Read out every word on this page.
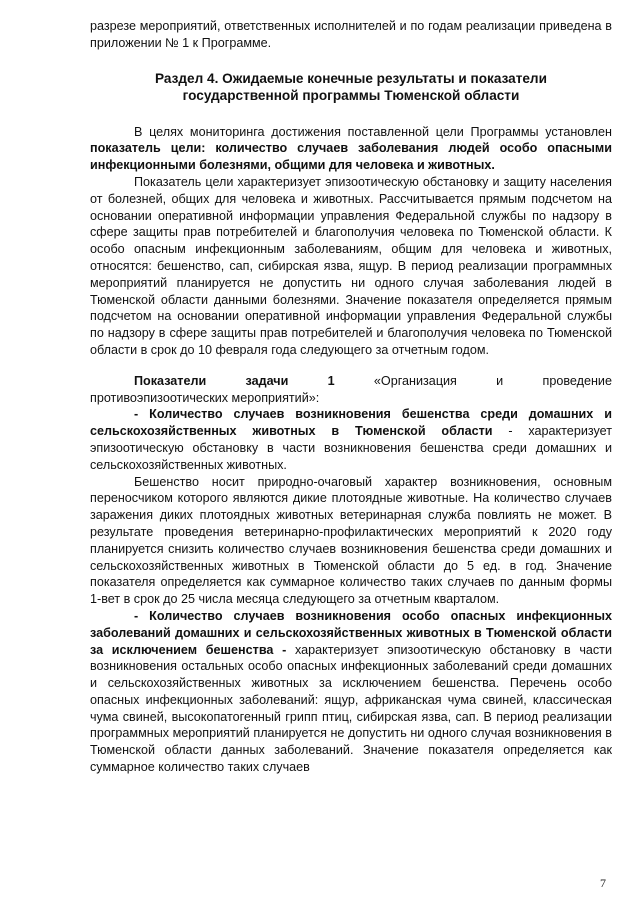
разрезе мероприятий, ответственных исполнителей и по годам реализации приведена в приложении № 1 к Программе.

Раздел 4. Ожидаемые конечные результаты и показатели
государственной программы Тюменской области

В целях мониторинга достижения поставленной цели Программы установлен показатель цели: количество случаев заболевания людей особо опасными инфекционными болезнями, общими для человека и животных.

Показатель цели характеризует эпизоотическую обстановку и защиту населения от болезней, общих для человека и животных. Рассчитывается прямым подсчетом на основании оперативной информации управления Федеральной службы по надзору в сфере защиты прав потребителей и благополучия человека по Тюменской области. К особо опасным инфекционным заболеваниям, общим для человека и животных, относятся: бешенство, сап, сибирская язва, ящур. В период реализации программных мероприятий планируется не допустить ни одного случая заболевания людей в Тюменской области данными болезнями. Значение показателя определяется прямым подсчетом на основании оперативной информации управления Федеральной службы по надзору в сфере защиты прав потребителей и благополучия человека по Тюменской области в срок до 10 февраля года следующего за отчетным годом.

Показатели	задачи	1	«Организация	и	проведение

противоэпизоотических мероприятий»:

- Количество случаев возникновения бешенства среди домашних и сельскохозяйственных животных в Тюменской области - характеризует эпизоотическую обстановку в части возникновения бешенства среди домашних и сельскохозяйственных животных.

Бешенство носит природно-очаговый характер возникновения, основным переносчиком которого являются дикие плотоядные животные. На количество случаев заражения диких плотоядных животных ветеринарная служба повлиять не может. В результате проведения ветеринарно-профилактических мероприятий к 2020 году планируется снизить количество случаев возникновения бешенства среди домашних и сельскохозяйственных животных в Тюменской области до 5 ед. в год. Значение показателя определяется как суммарное количество таких случаев по данным формы 1-вет в срок до 25 числа месяца следующего за отчетным кварталом.

- Количество случаев возникновения особо опасных инфекционных заболеваний домашних и сельскохозяйственных животных в Тюменской области за исключением бешенства - характеризует эпизоотическую обстановку в части возникновения остальных особо опасных инфекционных заболеваний среди домашних и сельскохозяйственных животных за исключением бешенства. Перечень особо опасных инфекционных заболеваний: ящур, африканская чума свиней, классическая чума свиней, высокопатогенный грипп птиц, сибирская язва, сап. В период реализации программных мероприятий планируется не допустить ни одного случая возникновения в Тюменской области данных заболеваний. Значение показателя определяется как суммарное количество таких случаев

7
